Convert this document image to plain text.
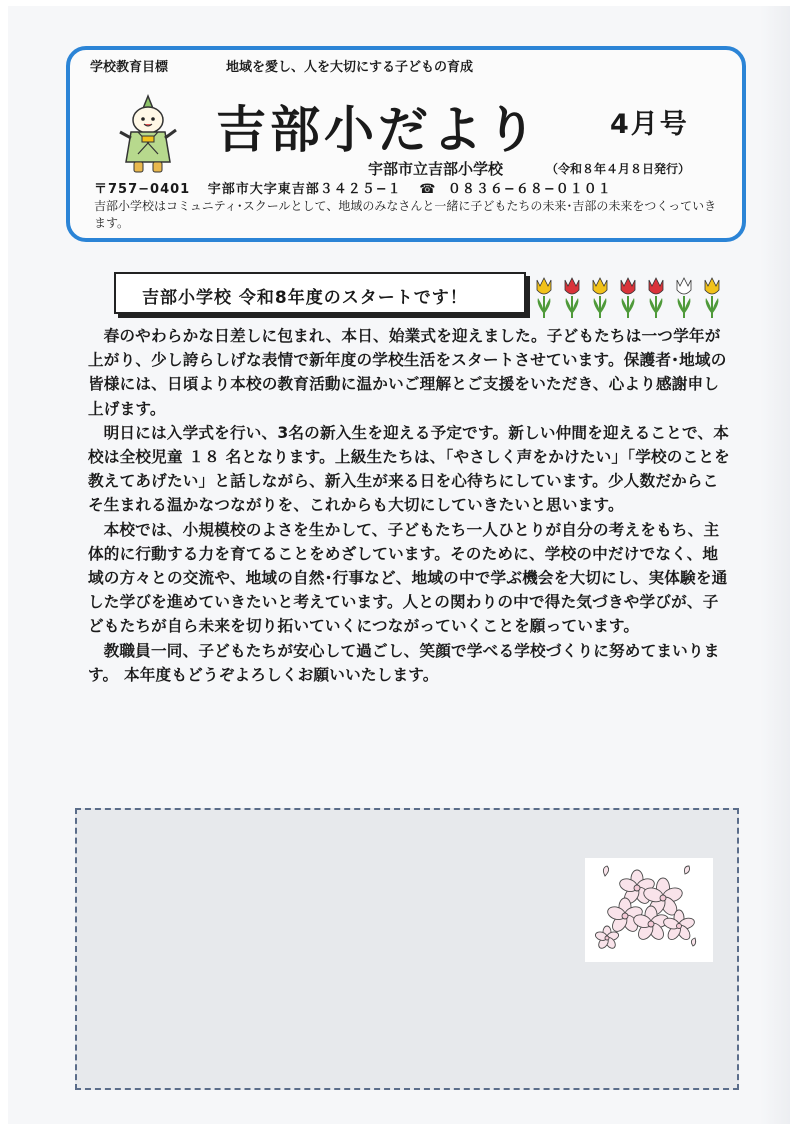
学校教育目標	地域を愛し、人を大切にする子どもの育成
吉部小だより	4月号
宇部市立吉部小学校	（令和８年４月８日発行）
〒757−0401 宇部市大字東吉部３４２５−１ ☎ ０８３６−６８−０１０１
吉部小学校はコミュニティ･スクールとして、地域のみなさんと一緒に子どもたちの未来･吉部の未来をつくっていきます。
吉部小学校 令和8年度のスタートです！

春のやわらかな日差しに包まれ、本日、始業式を迎えました。子どもたちは一つ学年が上がり、少し誇らしげな表情で新年度の学校生活をスタートさせています。保護者･地域の皆様には、日頃より本校の教育活動に温かいご理解とご支援をいただき、心より感謝申し上げます。

明日には入学式を行い、3名の新入生を迎える予定です。新しい仲間を迎えることで、本校は全校児童 １８ 名となります。上級生たちは、「やさしく声をかけたい」「学校のことを教えてあげたい」と話しながら、新入生が来る日を心待ちにしています。少人数だからこそ生まれる温かなつながりを、これからも大切にしていきたいと思います。

本校では、小規模校のよさを生かして、子どもたち一人ひとりが自分の考えをもち、主体的に行動する力を育てることをめざしています。そのために、学校の中だけでなく、地域の方々との交流や、地域の自然･行事など、地域の中で学ぶ機会を大切にし、実体験を通した学びを進めていきたいと考えています。人との関わりの中で得た気づきや学びが、子どもたちが自ら未来を切り拓いていくにつながっていくことを願っています。

教職員一同、子どもたちが安心して過ごし、笑顔で学べる学校づくりに努めてまいります。 本年度もどうぞよろしくお願いいたします。
